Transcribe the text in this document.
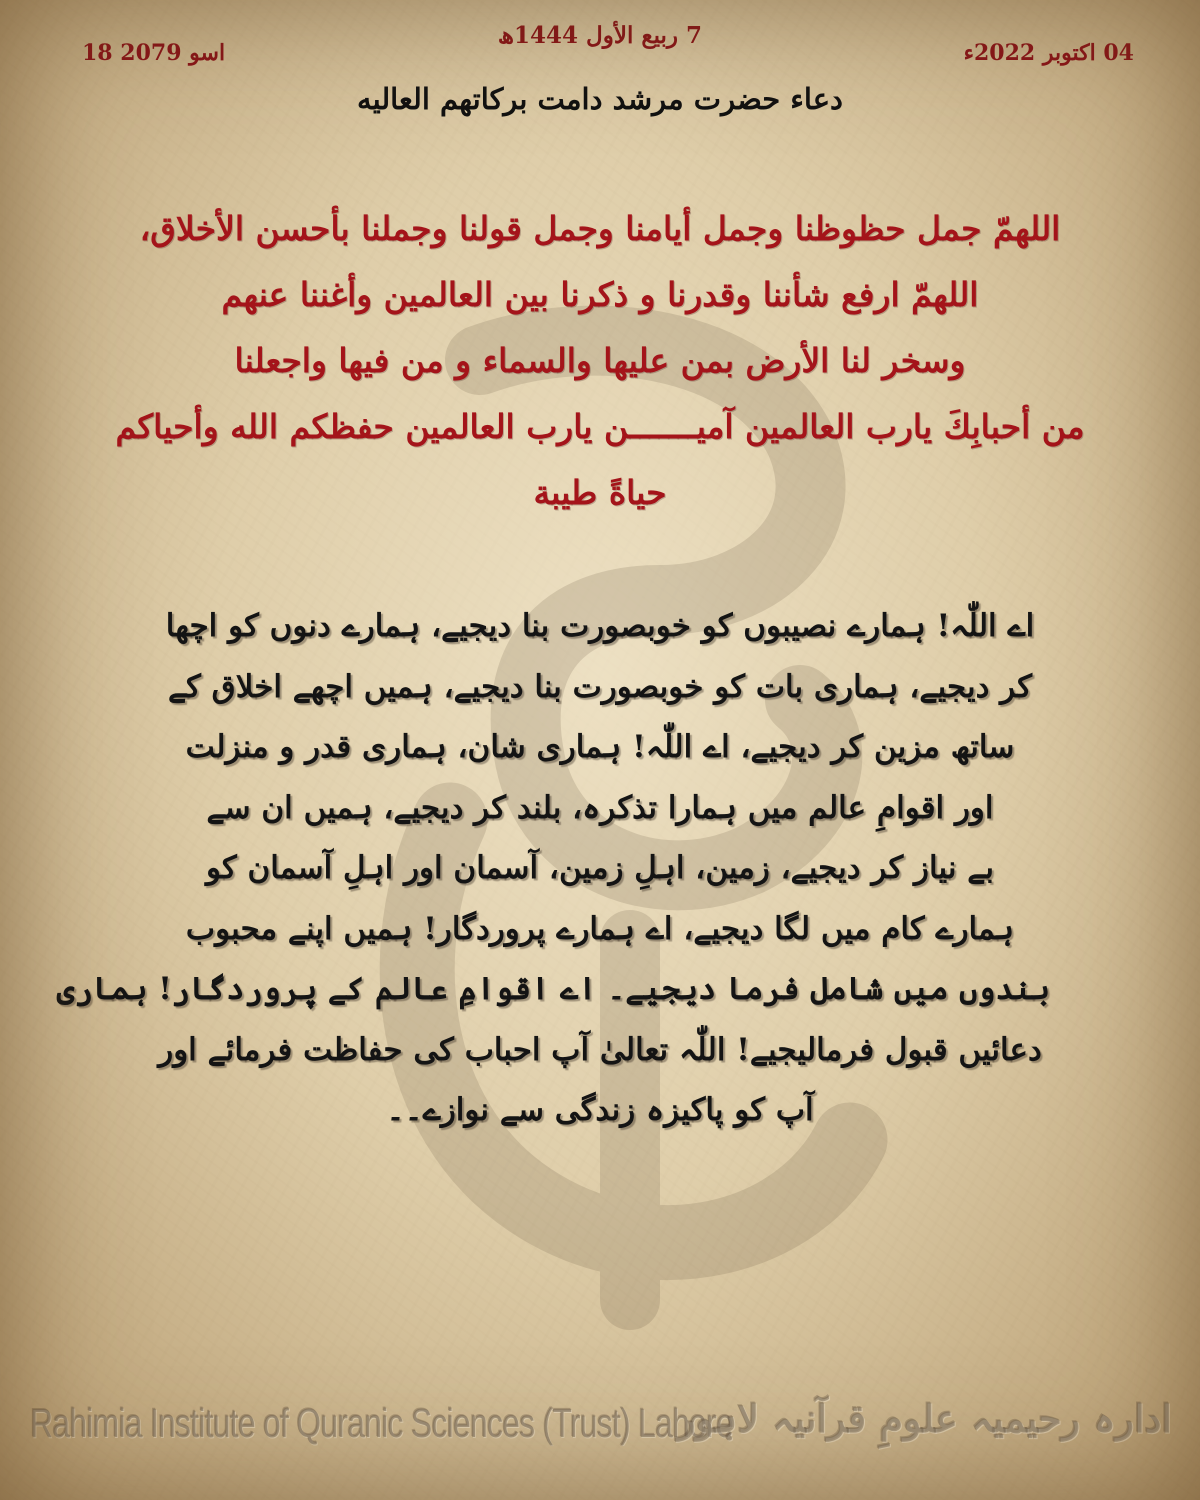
18 اسو 2079
7 ربیع الأول 1444ھ
04 اکتوبر 2022ء
دعاء حضرت مرشد دامت برکاتهم العالیه
اللهمّ جمل حظوظنا وجمل أيامنا وجمل قولنا وجملنا بأحسن الأخلاق،
اللهمّ ارفع شأننا وقدرنا و ذکرنا بين العالمين وأغننا عنهم
وسخر لنا الأرض بمن عليها والسماء و من فيها واجعلنا
من أحبابِكَ يارب العالمين آميـــــــن يارب العالمين حفظكم الله وأحياكم
حياةً طيبة
اے اللّٰہ! ہمارے نصیبوں کو خوبصورت بنا دیجیے، ہمارے دنوں کو اچھا
کر دیجیے، ہماری بات کو خوبصورت بنا دیجیے، ہمیں اچھے اخلاق کے
ساتھ مزین کر دیجیے، اے اللّٰہ! ہماری شان، ہماری قدر و منزلت
اور اقوامِ عالم میں ہمارا تذکرہ، بلند کر دیجیے، ہمیں ان سے
بے نیاز کر دیجیے، زمین، اہلِ زمین، آسمان اور اہلِ آسمان کو
ہمارے کام میں لگا دیجیے، اے ہمارے پروردگار! ہمیں اپنے محبوب
بندوں میں شامل فرما دیجیے۔ اے اقوامِ عالم کے پروردگار! ہماری
دعائیں قبول فرمالیجیے! اللّٰہ تعالیٰ آپ احباب کی حفاظت فرمائے اور
آپ کو پاکیزہ زندگی سے نوازے۔۔
Rahimia Institute of Quranic Sciences (Trust) Lahore
ادارہ رحیمیہ علومِ قرآنیہ لاہور
